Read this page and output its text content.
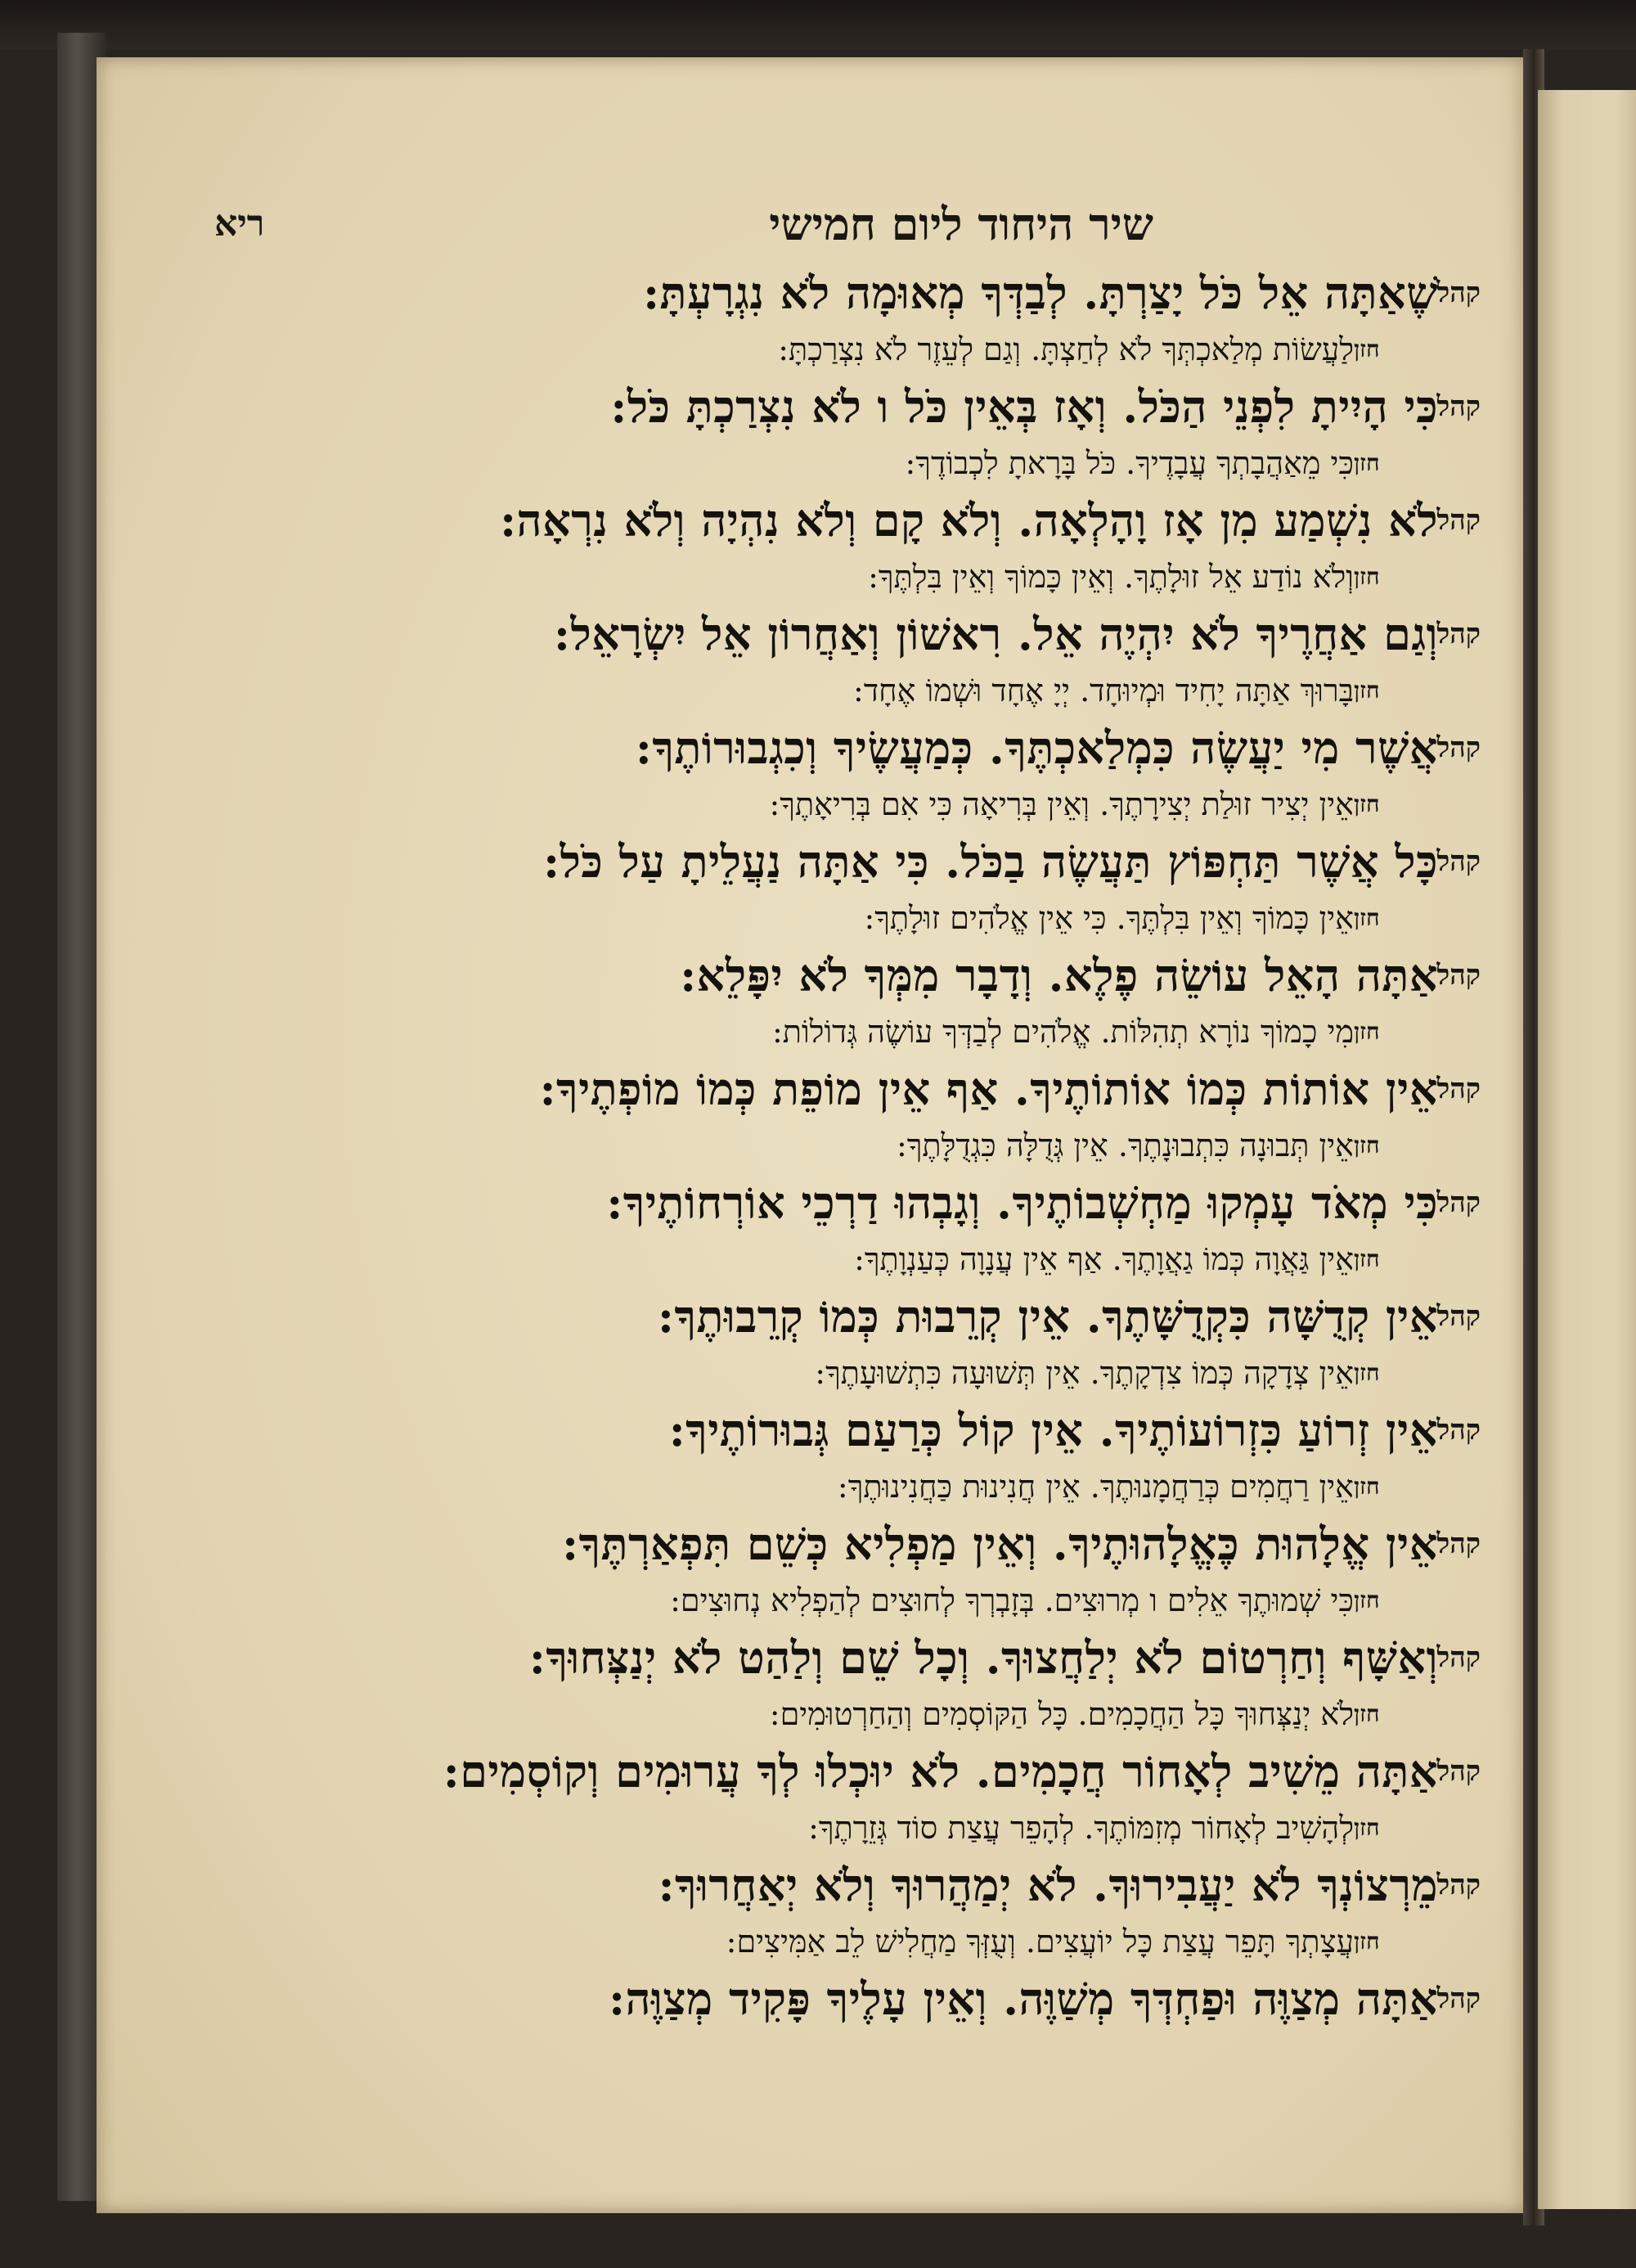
ריא	שיר היחוד ליום חמישי
קהל
שֶׁאַתָּה אֵל כֹּל יָצַרְתָּ. לְבַדְּךָ מְאוּמָה לֹא נִגְרָעְתָּ:
חזן
לַעֲשׂוֹת מְלַאכְתְּךָ לֹא לְחַצְתָּ. וְגַם לְעֵזֶר לֹא נִצְרַכְתָּ:
קהל
כִּי הָיִיתָ לִפְנֵי הַכֹּל. וְאָז בְּאֵין כֹּל ו לֹא נִצְרַכְתָּ כֹּל:
חזן
כִּי מֵאַהֲבָתְךָ עֲבָדֶיךָ. כֹּל בָּרָאתָ לִכְבוֹדֶךָ:
קהל
לֹא נִשְׁמַע מִן אָז וָהָלְאָה. וְלֹא קָם וְלֹא נִהְיָה וְלֹא נִרְאָה:
חזן
וְלֹא נוֹדַע אֵל זוּלָתֶךָ. וְאֵין כָּמוֹךָ וְאֵין בִּלְתֶּךָ:
קהל
וְגַם אַחֲרֶיךָ לֹא יִהְיֶה אֵל. רִאשׁוֹן וְאַחֲרוֹן אֵל יִשְׂרָאֵל:
חזן
בָּרוּךְ אַתָּה יָחִיד וּמְיוּחָד. יְיָ אֶחָד וּשְׁמוֹ אֶחָד:
קהל
אֲשֶׁר מִי יַעֲשֶׂה כִּמְלַאכְתֶּךָ. כְּמַעֲשֶׂיךָ וְכִגְבוּרוֹתֶךָ:
חזן
אֵין יְצִיר זוּלַת יְצִירָתֶךָ. וְאֵין בְּרִיאָה כִּי אִם בְּרִיאָתֶךָ:
קהל
כָּל אֲשֶׁר תַּחְפּוֹץ תַּעֲשֶׂה בַכֹּל. כִּי אַתָּה נַעֲלֵיתָ עַל כֹּל:
חזן
אֵין כָּמוֹךָ וְאֵין בִּלְתֶּךָ. כִּי אֵין אֱלֹהִים זוּלָתֶךָ:
קהל
אַתָּה הָאֵל עוֹשֵׂה פֶלֶא. וְדָבָר מִמְּךָ לֹא יִפָּלֵא:
חזן
מִי כָמוֹךָ נוֹרָא תְהִלּוֹת. אֱלֹהִים לְבַדְּךָ עוֹשֶׂה גְּדוֹלוֹת:
קהל
אֵין אוֹתוֹת כְּמוֹ אוֹתוֹתֶיךָ. אַף אֵין מוֹפֵת כְּמוֹ מוֹפְתֶיךָ:
חזן
אֵין תְּבוּנָה כִּתְבוּנָתֶךָ. אֵין גְּדֻלָּה כִּגְדֻלָּתֶךָ:
קהל
כִּי מְאֹד עָמְקוּ מַחְשְׁבוֹתֶיךָ. וְגָבְהוּ דַרְכֵי אוֹרְחוֹתֶיךָ:
חזן
אֵין גַּאֲוָה כְּמוֹ גַאֲוָתֶךָ. אַף אֵין עֲנָוָה כְּעַנְוָתֶךָ:
קהל
אֵין קְדֻשָּׁה כִּקְדֻשָּׁתֶךָ. אֵין קְרֵבוּת כְּמוֹ קְרֵבוּתֶךָ:
חזן
אֵין צְדָקָה כְּמוֹ צִדְקָתֶךָ. אֵין תְּשׁוּעָה כִּתְשׁוּעָתֶךָ:
קהל
אֵין זְרוֹעַ כִּזְרוֹעוֹתֶיךָ. אֵין קוֹל כְּרַעַם גְּבוּרוֹתֶיךָ:
חזן
אֵין רַחֲמִים כְּרַחֲמָנוּתֶךָ. אֵין חֲנִינוּת כַּחֲנִינוּתֶךָ:
קהל
אֵין אֱלָהוּת כֶּאֱלָהוּתֶיךָ. וְאֵין מַפְלִיא כְּשֵׁם תִּפְאַרְתֶּךָ:
חזן
כִּי שְׁמוּתֶךָ אֵלִים ו מְרוּצִים. בְּזָבְרְךָ לְחוּצִים לְהַפְלִיא נְחוּצִים:
קהל
וְאַשָּׁף וְחַרְטוֹם לֹא יְלַחֲצוּךָ. וְכָל שֵׁם וְלַהַט לֹא יְנַצְּחוּךָ:
חזן
לֹא יְנַצְּחוּךָ כָּל הַחֲכָמִים. כָּל הַקּוֹסְמִים וְהַחַרְטוּמִים:
קהל
אַתָּה מֵשִׁיב לְאָחוֹר חֲכָמִים. לֹא יוּכְלוּ לְךָ עֲרוּמִים וְקוֹסְמִים:
חזן
לְהָשִׁיב לְאָחוֹר מְזִמּוֹתֶךָ. לְהָפֵר עֲצַת סוֹד גְּזֵרָתֶךָ:
קהל
מֵרְצוֹנְךָ לֹא יַעֲבִירוּךָ. לֹא יְמַהֲרוּךָ וְלֹא יְאַחֲרוּךָ:
חזן
עֲצָתְךָ תָּפֵר עֲצַת כָּל יוֹעֲצִים. וְעֻזְּךָ מַחֲלִישׁ לֵב אַמִּיצִים:
קהל
אַתָּה מְצַוֶּה וּפַחְדְּךָ מְשַׁוֶּה. וְאֵין עָלֶיךָ פָּקִיד מְצַוֶּה:
